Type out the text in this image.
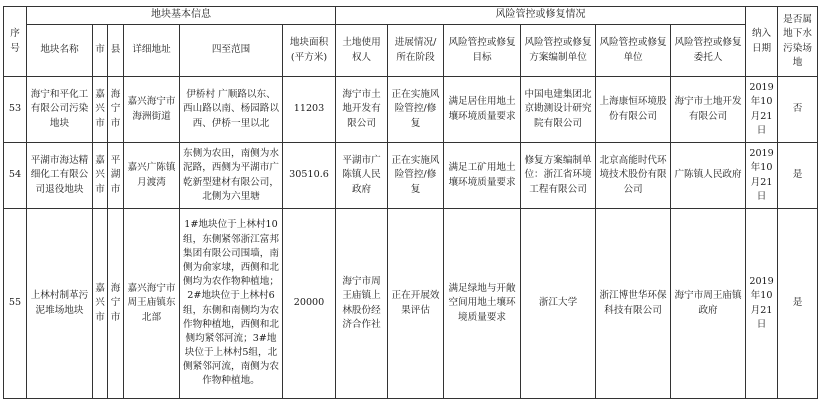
序号	地块基本信息						风险管控或修复情况						纳入日期	是否属地下水污染场地
	地块名称	市	县	详细地址	四至范围	地块面积(平方米)	土地使用权人	进展情况/所在阶段	风险管控或修复目标	风险管控或修复方案编制单位	风险管控或修复单位	风险管控或修复委托人		
53	海宁和平化工有限公司污染地块	嘉兴市	海宁市	嘉兴海宁市海洲街道	伊桥村 广顺路以东、西山路以南、杨园路以西、伊桥一里以北	11203	海宁市土地开发有限公司	正在实施风险管控/修复	满足居住用地土壤环境质量要求	中国电建集团北京勘测设计研究院有限公司	上海康恒环境股份有限公司	海宁市土地开发有限公司	2019年10月21日	否
54	平湖市海达精细化工有限公司退役地块	嘉兴市	平湖市	嘉兴广陈镇月渡湾	东侧为农田，南侧为水泥路，西侧为平湖市广乾新型建材有限公司，北侧为六里塘	30510.6	平湖市广陈镇人民政府	正在实施风险管控/修复	满足工矿用地土壤环境质量要求	修复方案编制单位：浙江省环境工程有限公司	北京高能时代环境技术股份有限公司	广陈镇人民政府	2019年10月21日	是
55	上林村制革污泥堆场地块	嘉兴市	海宁市	嘉兴海宁市周王庙镇东北部	1#地块位于上林村10组，东侧紧邻浙江富邦集团有限公司围墙，南侧为俞家埭，西侧和北侧均为农作物种植地；2#地块位于上林村6组，东侧和南侧均为农作物种植地，西侧和北侧均紧邻河流；3#地块位于上林村5组，北侧紧邻河流，南侧为农作物种植地。	20000	海宁市周王庙镇上林股份经济合作社	正在开展效果评估	满足绿地与开敞空间用地土壤环境质量要求	浙江大学	浙江博世华环保科技有限公司	海宁市周王庙镇政府	2019年10月21日	是
